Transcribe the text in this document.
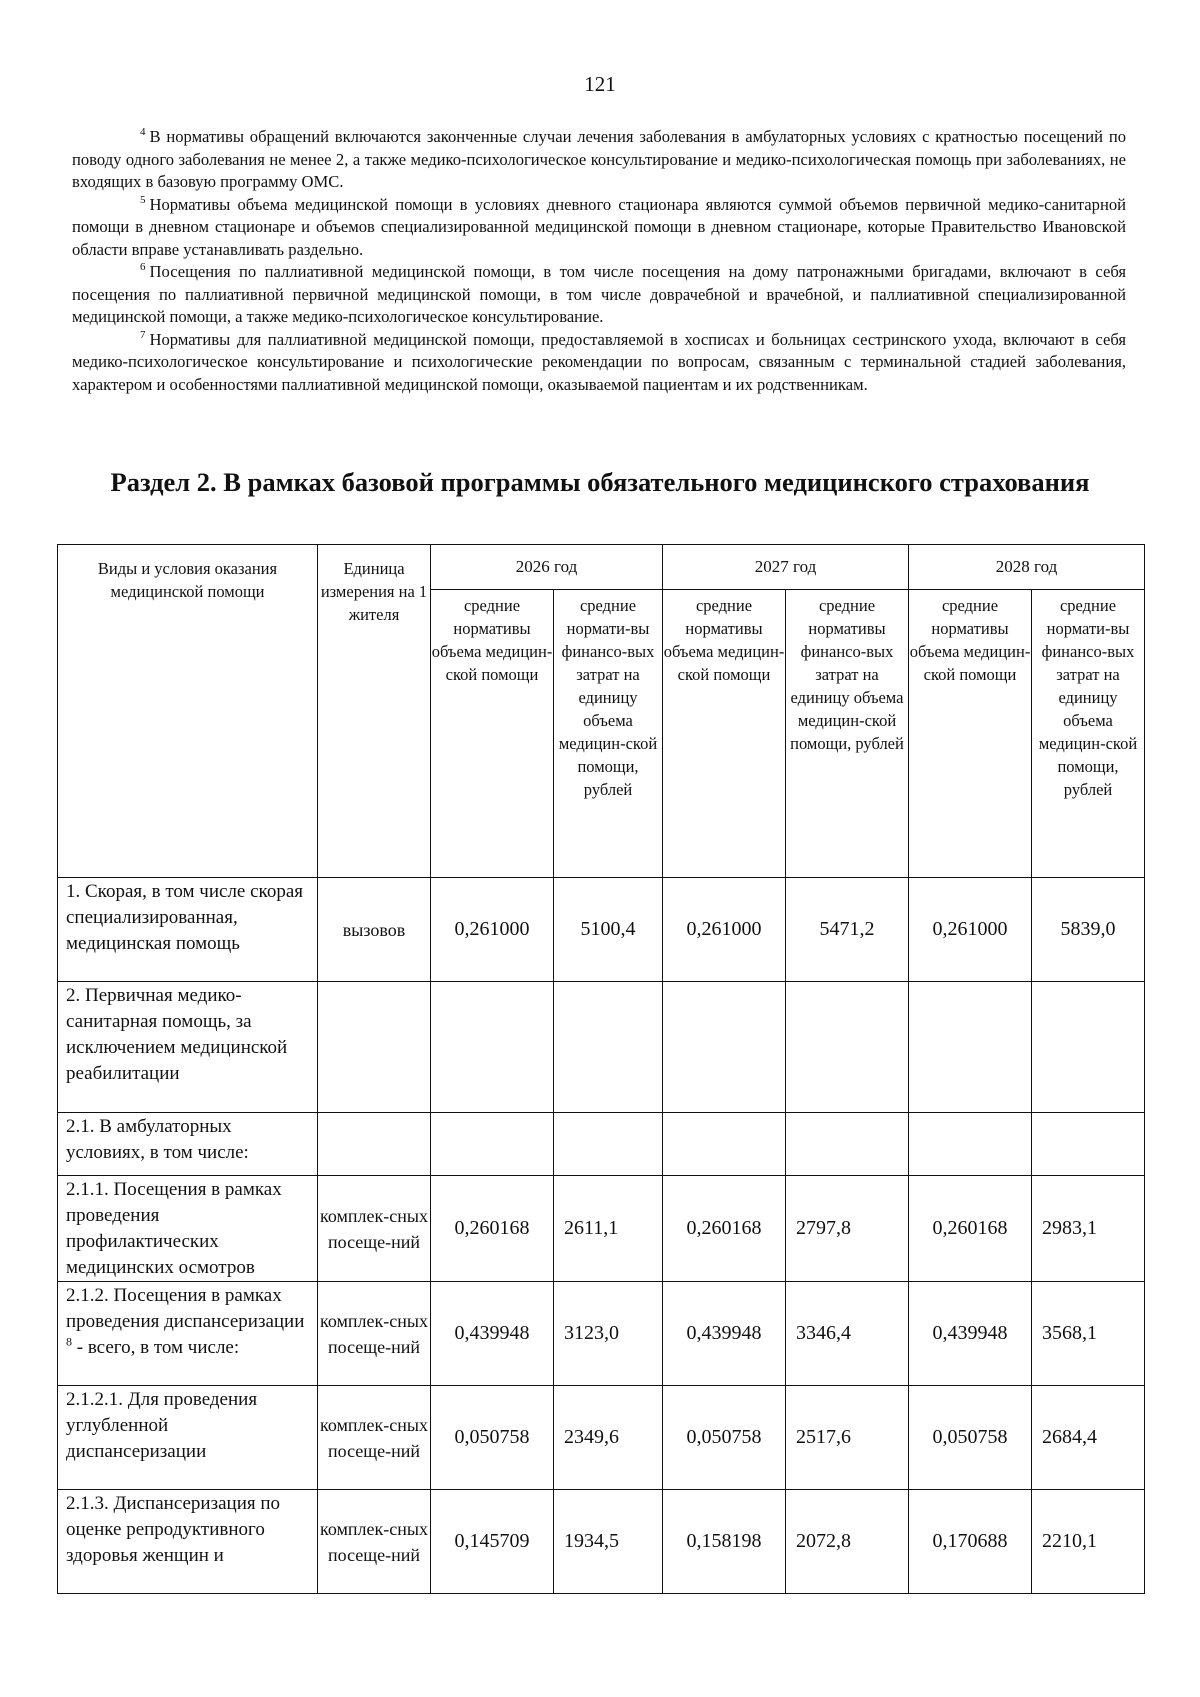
121

$^4$ В нормативы обращений включаются законченные случаи лечения заболевания в амбулаторных условиях с кратностью посещений по поводу одного заболевания не менее 2, а также медико-психологическое консультирование и медико-психологическая помощь при заболеваниях, не входящих в базовую программу ОМС.

$^5$ Нормативы объема медицинской помощи в условиях дневного стационара являются суммой объемов первичной медико-санитарной помощи в дневном стационаре и объемов специализированной медицинской помощи в дневном стационаре, которые Правительство Ивановской области вправе устанавливать раздельно.

$^6$ Посещения по паллиативной медицинской помощи, в том числе посещения на дому патронажными бригадами, включают в себя посещения по паллиативной первичной медицинской помощи, в том числе доврачебной и врачебной, и паллиативной специализированной медицинской помощи, а также медико-психологическое консультирование.

$^7$ Нормативы для паллиативной медицинской помощи, предоставляемой в хосписах и больницах сестринского ухода, включают в себя медико-психологическое консультирование и психологические рекомендации по вопросам, связанным с терминальной стадией заболевания, характером и особенностями паллиативной медицинской помощи, оказываемой пациентам и их родственникам.

Раздел 2. В рамках базовой программы обязательного медицинского страхования
Виды и условия оказания медицинской помощи	Единица измерения на 1 жителя	2026 год		2027 год		2028 год	
		средние нормативы объема медицин-ской помощи	средние нормати-вы финансо-вых затрат на единицу объема медицин-ской помощи, рублей	средние нормативы объема медицин-ской помощи	средние нормативы финансо-вых затрат на единицу объема медицин-ской помощи, рублей	средние нормативы объема медицин-ской помощи	средние нормати-вы финансо-вых затрат на единицу объема медицин-ской помощи, рублей
1. Скорая, в том числе скорая специализированная, медицинская помощь	вызовов	0,261000	5100,4	0,261000	5471,2	0,261000	5839,0
2. Первичная медико-санитарная помощь, за исключением медицинской реабилитации							
2.1. В амбулаторных условиях, в том числе:							
2.1.1. Посещения в рамках проведения профилактических медицинских осмотров	комплек-сных посеще-ний	0,260168	2611,1	0,260168	2797,8	0,260168	2983,1
2.1.2. Посещения в рамках проведения диспансеризации $^8$ - всего, в том числе:	комплек-сных посеще-ний	0,439948	3123,0	0,439948	3346,4	0,439948	3568,1
2.1.2.1. Для проведения углубленной диспансеризации	комплек-сных посеще-ний	0,050758	2349,6	0,050758	2517,6	0,050758	2684,4
2.1.3. Диспансеризация по оценке репродуктивного здоровья женщин и	комплек-сных посеще-ний	0,145709	1934,5	0,158198	2072,8	0,170688	2210,1
